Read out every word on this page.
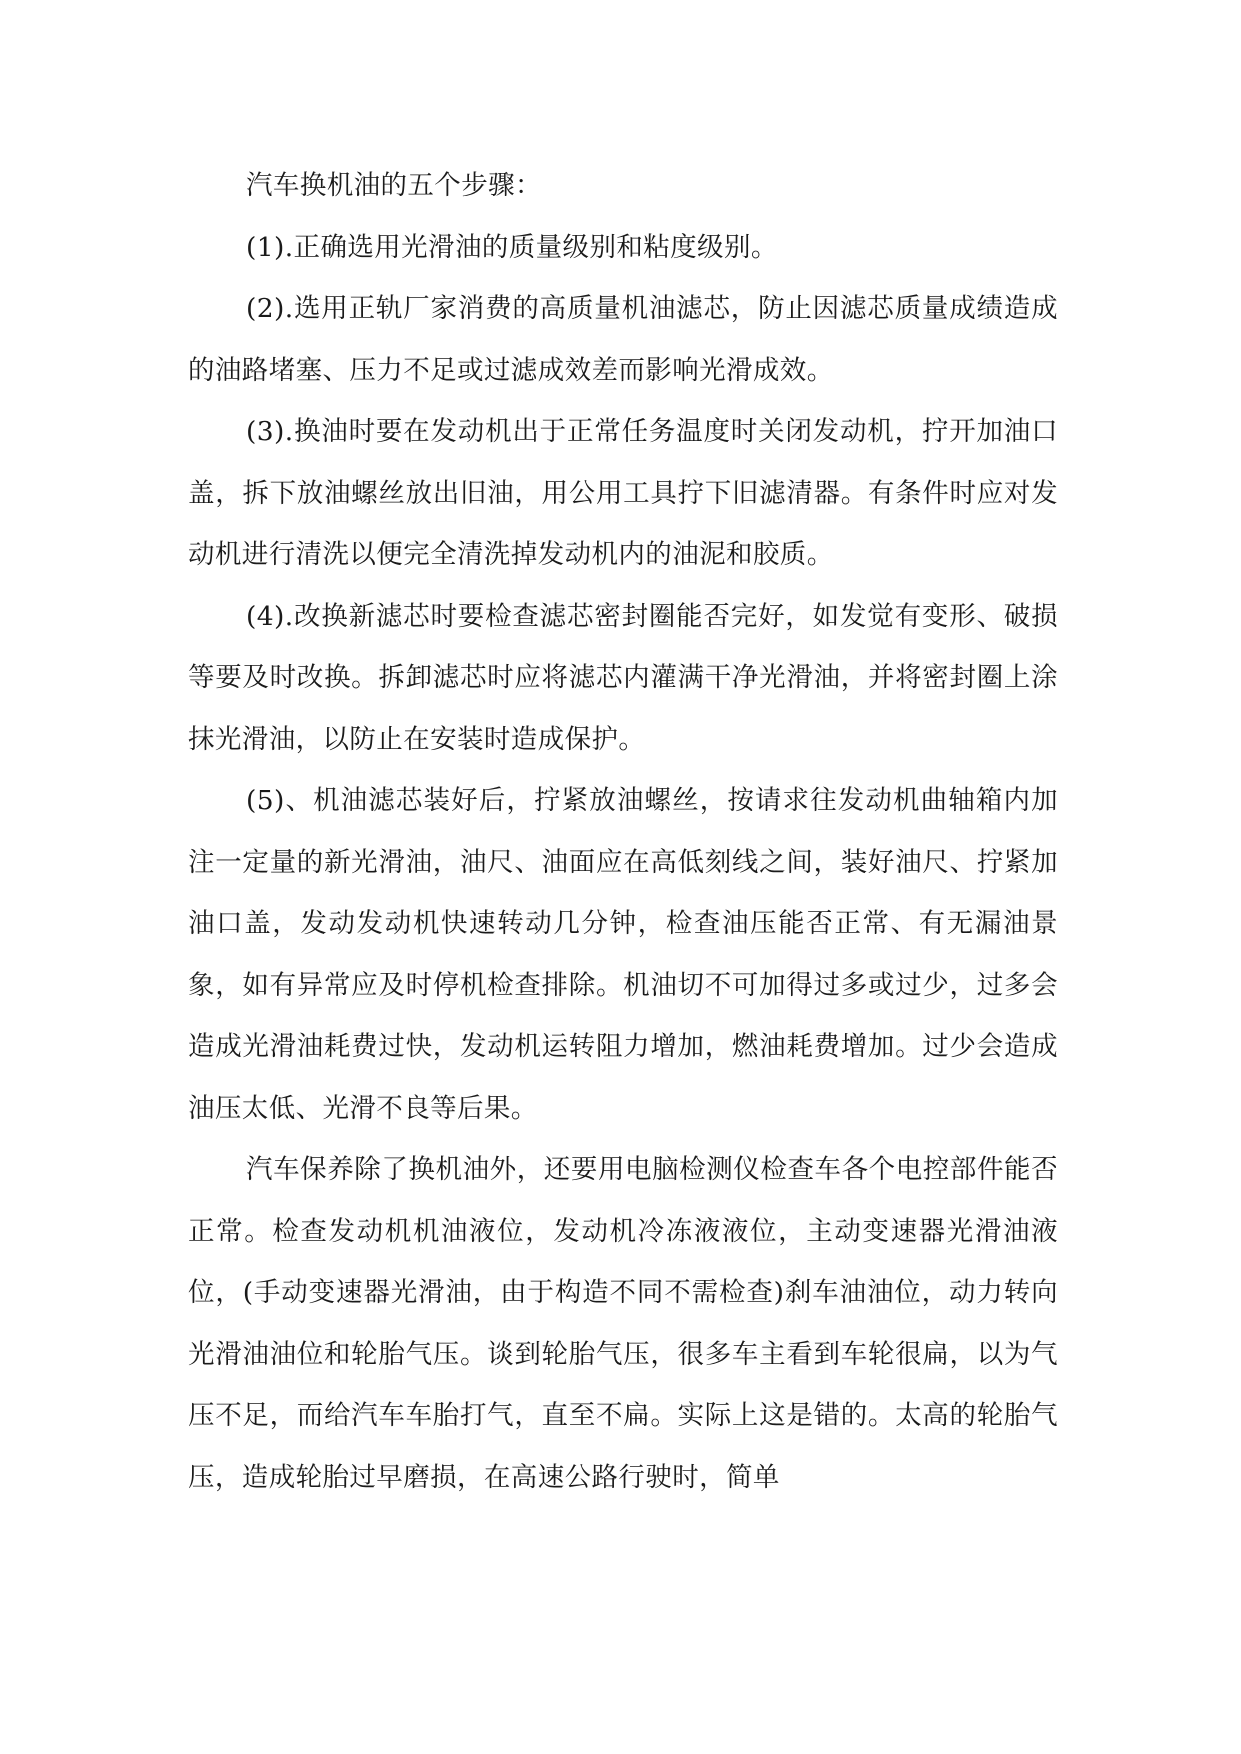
汽车换机油的五个步骤：

(1).正确选用光滑油的质量级别和粘度级别。

(2).选用正轨厂家消费的高质量机油滤芯，防止因滤芯质量成绩造成的油路堵塞、压力不足或过滤成效差而影响光滑成效。

(3).换油时要在发动机出于正常任务温度时关闭发动机，拧开加油口盖，拆下放油螺丝放出旧油，用公用工具拧下旧滤清器。有条件时应对发动机进行清洗以便完全清洗掉发动机内的油泥和胶质。

(4).改换新滤芯时要检查滤芯密封圈能否完好，如发觉有变形、破损等要及时改换。拆卸滤芯时应将滤芯内灌满干净光滑油，并将密封圈上涂抹光滑油，以防止在安装时造成保护。

(5)、机油滤芯装好后，拧紧放油螺丝，按请求往发动机曲轴箱内加注一定量的新光滑油，油尺、油面应在高低刻线之间，装好油尺、拧紧加油口盖，发动发动机快速转动几分钟，检查油压能否正常、有无漏油景象，如有异常应及时停机检查排除。机油切不可加得过多或过少，过多会造成光滑油耗费过快，发动机运转阻力增加，燃油耗费增加。过少会造成油压太低、光滑不良等后果。

汽车保养除了换机油外，还要用电脑检测仪检查车各个电控部件能否正常。检查发动机机油液位，发动机冷冻液液位，主动变速器光滑油液位，(手动变速器光滑油，由于构造不同不需检查)刹车油油位，动力转向光滑油油位和轮胎气压。谈到轮胎气压，很多车主看到车轮很扁，以为气压不足，而给汽车车胎打气，直至不扁。实际上这是错的。太高的轮胎气压，造成轮胎过早磨损，在高速公路行驶时，简单
